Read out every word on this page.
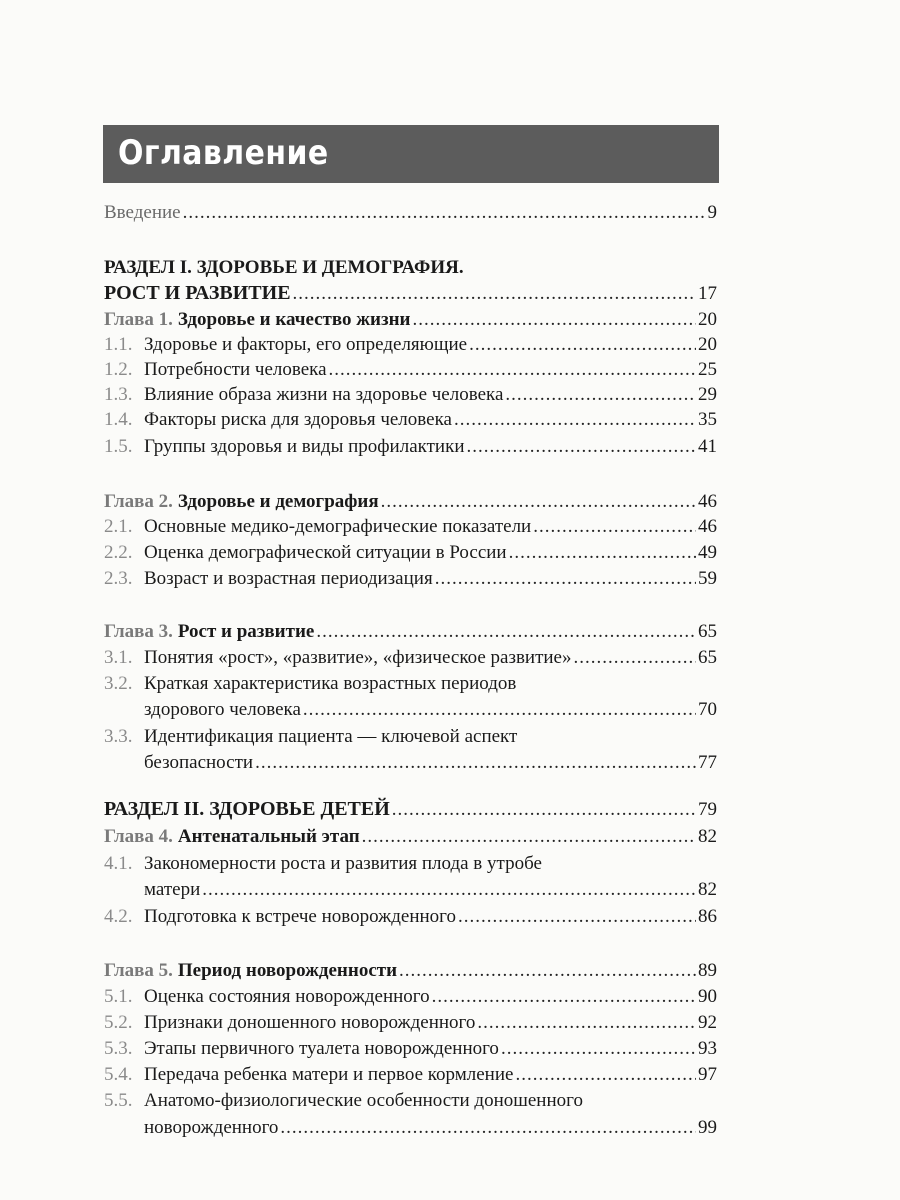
Оглавление
Введение .....	9
РАЗДЕЛ I. ЗДОРОВЬЕ И ДЕМОГРАФИЯ.
РОСТ И РАЗВИТИЕ .....	17
Глава 1. Здоровье и качество жизни .....	20
1.1. Здоровье и факторы, его определяющие .....	20
1.2. Потребности человека .....	25
1.3. Влияние образа жизни на здоровье человека .....	29
1.4. Факторы риска для здоровья человека .....	35
1.5. Группы здоровья и виды профилактики .....	41
Глава 2. Здоровье и демография .....	46
2.1. Основные медико-демографические показатели .....	46
2.2. Оценка демографической ситуации в России .....	49
2.3. Возраст и возрастная периодизация .....	59
Глава 3. Рост и развитие .....	65
3.1. Понятия «рост», «развитие», «физическое развитие» .....	65
3.2. Краткая характеристика возрастных периодов
здорового человека .....	70
3.3. Идентификация пациента — ключевой аспект
безопасности .....	77
РАЗДЕЛ II. ЗДОРОВЬЕ ДЕТЕЙ .....	79
Глава 4. Антенатальный этап .....	82
4.1. Закономерности роста и развития плода в утробе
матери .....	82
4.2. Подготовка к встрече новорожденного .....	86
Глава 5. Период новорожденности .....	89
5.1. Оценка состояния новорожденного .....	90
5.2. Признаки доношенного новорожденного .....	92
5.3. Этапы первичного туалета новорожденного .....	93
5.4. Передача ребенка матери и первое кормление .....	97
5.5. Анатомо-физиологические особенности доношенного
новорожденного .....	99
